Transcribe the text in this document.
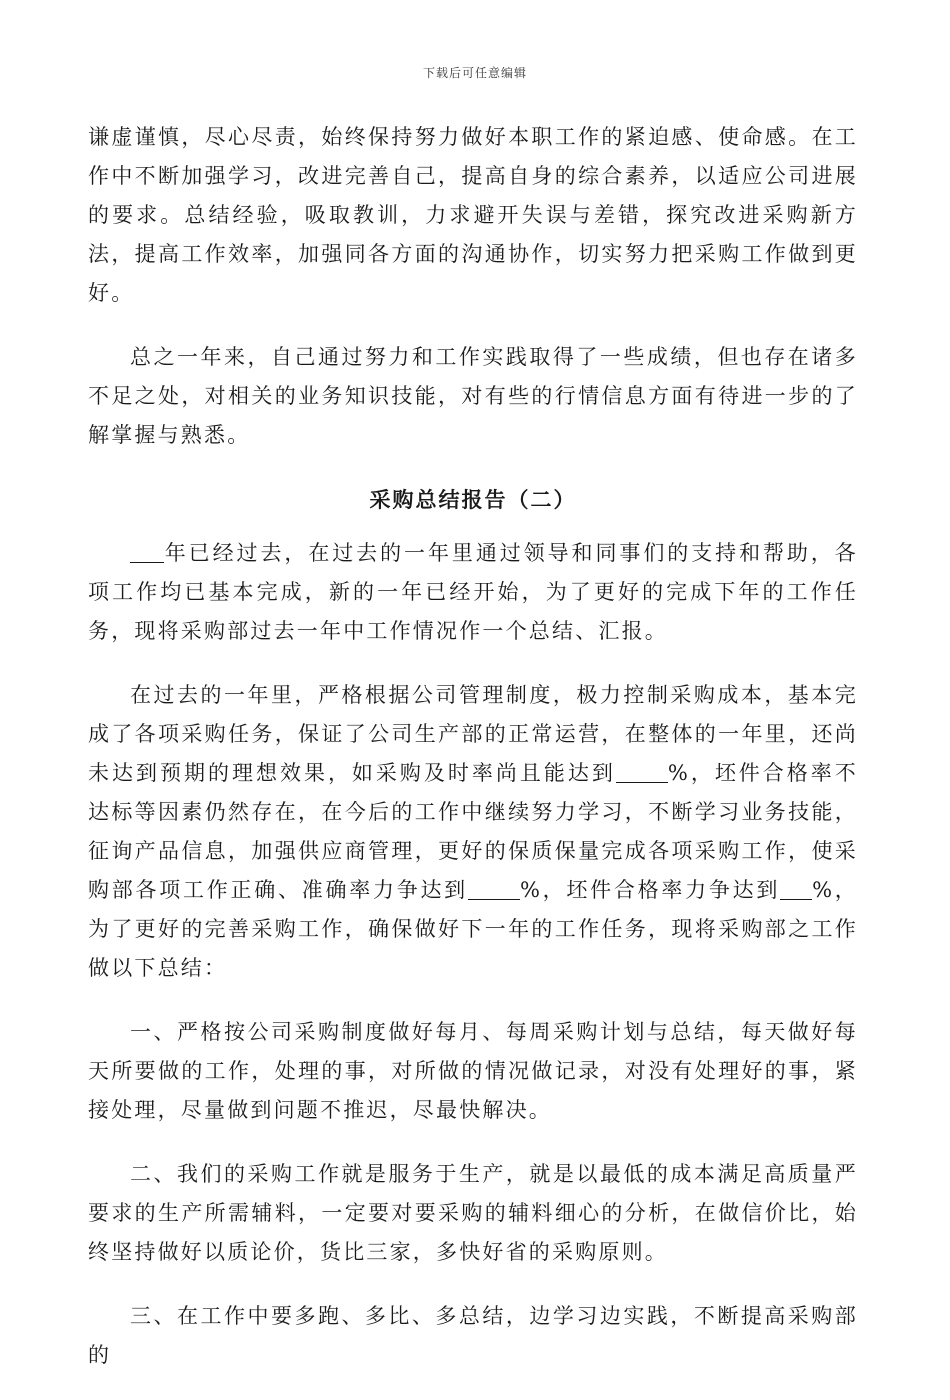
下载后可任意编辑

谦虚谨慎，尽心尽责，始终保持努力做好本职工作的紧迫感、使命感。在工作中不断加强学习，改进完善自己，提高自身的综合素养，以适应公司进展的要求。总结经验，吸取教训，力求避开失误与差错，探究改进采购新方法，提高工作效率，加强同各方面的沟通协作，切实努力把采购工作做到更好。

总之一年来，自己通过努力和工作实践取得了一些成绩，但也存在诸多不足之处，对相关的业务知识技能，对有些的行情信息方面有待进一步的了解掌握与熟悉。

采购总结报告（二）

年已经过去，在过去的一年里通过领导和同事们的支持和帮助，各项工作均已基本完成，新的一年已经开始，为了更好的完成下年的工作任务，现将采购部过去一年中工作情况作一个总结、汇报。

在过去的一年里，严格根据公司管理制度，极力控制采购成本，基本完成了各项采购任务，保证了公司生产部的正常运营，在整体的一年里，还尚未达到预期的理想效果，如采购及时率尚且能达到 %，坯件合格率不达标等因素仍然存在，在今后的工作中继续努力学习，不断学习业务技能，征询产品信息，加强供应商管理，更好的保质保量完成各项采购工作，使采购部各项工作正确、准确率力争达到 %，坯件合格率力争达到 %，为了更好的完善采购工作，确保做好下一年的工作任务，现将采购部之工作做以下总结：

一、严格按公司采购制度做好每月、每周采购计划与总结，每天做好每天所要做的工作，处理的事，对所做的情况做记录，对没有处理好的事，紧接处理，尽量做到问题不推迟，尽最快解决。

二、我们的采购工作就是服务于生产，就是以最低的成本满足高质量严要求的生产所需辅料，一定要对要采购的辅料细心的分析，在做信价比，始终坚持做好以质论价，货比三家，多快好省的采购原则。

三、在工作中要多跑、多比、多总结，边学习边实践，不断提高采购部的
